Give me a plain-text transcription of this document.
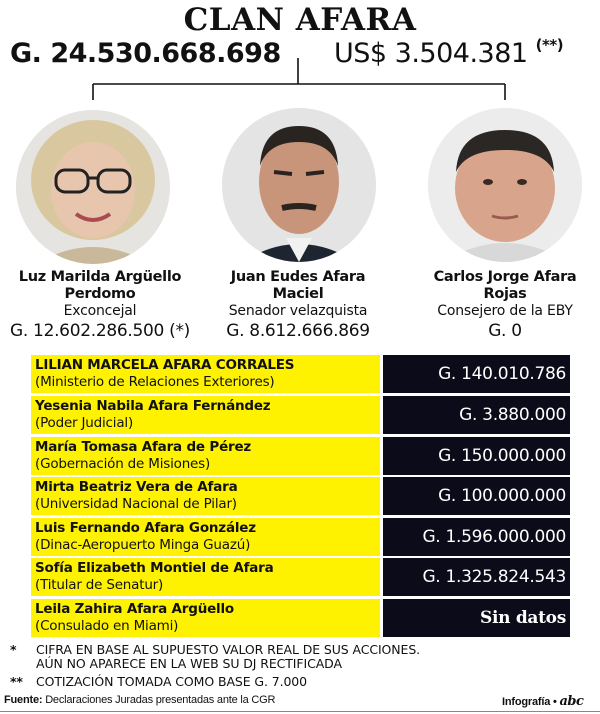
CLAN AFARA
G. 24.530.668.698 US$ 3.504.381 (**)
Luz Marilda Argüello
Perdomo
Exconcejal
G. 12.602.286.500 (*)
Juan Eudes Afara
Maciel
Senador velazquista
G. 8.612.666.869
Carlos Jorge Afara
Rojas
Consejero de la EBY
G. 0
LILIAN MARCELA AFARA CORRALES
(Ministerio de Relaciones Exteriores)	G. 140.010.786
Yesenia Nabila Afara Fernández
(Poder Judicial)	G. 3.880.000
María Tomasa Afara de Pérez
(Gobernación de Misiones)	G. 150.000.000
Mirta Beatriz Vera de Afara
(Universidad Nacional de Pilar)	G. 100.000.000
Luis Fernando Afara González
(Dinac-Aeropuerto Minga Guazú)	G. 1.596.000.000
Sofía Elizabeth Montiel de Afara
(Titular de Senatur)	G. 1.325.824.543
Leila Zahira Afara Argüello
(Consulado en Miami)	Sin datos
* CIFRA EN BASE AL SUPUESTO VALOR REAL DE SUS ACCIONES.
AÚN NO APARECE EN LA WEB SU DJ RECTIFICADA
** COTIZACIÓN TOMADA COMO BASE G. 7.000
Fuente: Declaraciones Juradas presentadas ante la CGR	Infografía • abc
